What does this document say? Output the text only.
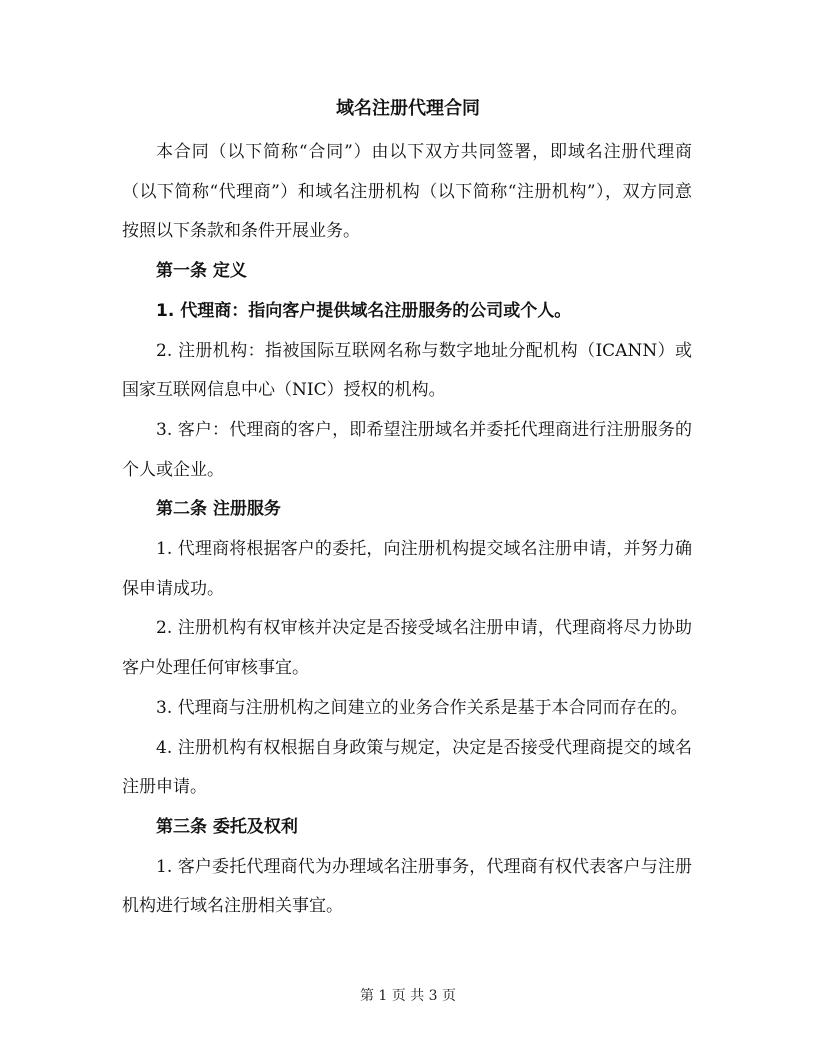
域名注册代理合同

本合同（以下简称“合同”）由以下双方共同签署，即域名注册代理商（以下简称“代理商”）和域名注册机构（以下简称“注册机构”），双方同意按照以下条款和条件开展业务。

第一条 定义

1. 代理商：指向客户提供域名注册服务的公司或个人。

2. 注册机构：指被国际互联网名称与数字地址分配机构（ICANN）或国家互联网信息中心（NIC）授权的机构。

3. 客户：代理商的客户，即希望注册域名并委托代理商进行注册服务的个人或企业。

第二条 注册服务

1. 代理商将根据客户的委托，向注册机构提交域名注册申请，并努力确保申请成功。

2. 注册机构有权审核并决定是否接受域名注册申请，代理商将尽力协助客户处理任何审核事宜。

3. 代理商与注册机构之间建立的业务合作关系是基于本合同而存在的。

4. 注册机构有权根据自身政策与规定，决定是否接受代理商提交的域名注册申请。

第三条 委托及权利

1. 客户委托代理商代为办理域名注册事务，代理商有权代表客户与注册机构进行域名注册相关事宜。

第 1 页 共 3 页
